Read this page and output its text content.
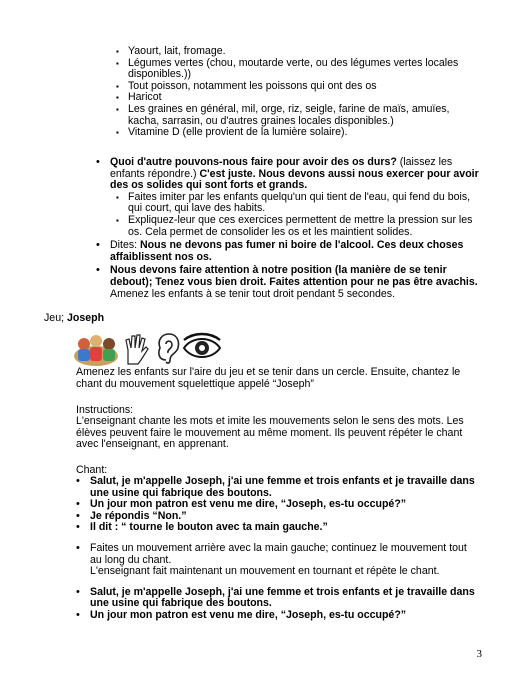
▪ Yaourt, lait, fromage.
▪ Légumes vertes (chou, moutarde verte, ou des légumes vertes locales disponibles.))
▪ Tout poisson, notamment les poissons qui ont des os
▪ Haricot
▪ Les graines en général, mil, orge, riz, seigle, farine de maïs, amuïes, kacha, sarrasin, ou d'autres graines locales disponibles.)
▪ Vitamine D (elle provient de la lumière solaire).
• Quoi d'autre pouvons-nous faire pour avoir des os durs? (laissez les enfants répondre.) C'est juste. Nous devons aussi nous exercer pour avoir des os solides qui sont forts et grands.
▪ Faites imiter par les enfants quelqu'un qui tient de l'eau, qui fend du bois, qui court, qui lave des habits.
▪ Expliquez-leur que ces exercices permettent de mettre la pression sur les os. Cela permet de consolider les os et les maintient solides.
• Dites: Nous ne devons pas fumer ni boire de l'alcool. Ces deux choses affaiblissent nos os.
• Nous devons faire attention à notre position (la manière de se tenir debout); Tenez vous bien droit. Faites attention pour ne pas être avachis.
Amenez les enfants à se tenir tout droit pendant 5 secondes.
Jeu; Joseph
Amenez les enfants sur l'aire du jeu et se tenir dans un cercle. Ensuite, chantez le chant du mouvement squelettique appelé “Joseph”
Instructions:
L'enseignant chante les mots et imite les mouvements selon le sens des mots. Les élèves peuvent faire le mouvement au même moment. Ils peuvent répéter le chant avec l'enseignant, en apprenant.
Chant:
• Salut, je m'appelle Joseph, j'ai une femme et trois enfants et je travaille dans une usine qui fabrique des boutons.
• Un jour mon patron est venu me dire, “Joseph, es-tu occupé?”
• Je répondis “Non.”
• Il dit : “ tourne le bouton avec ta main gauche.”
• Faites un mouvement arrière avec la main gauche; continuez le mouvement tout au long du chant.
L'enseignant fait maintenant un mouvement en tournant et répète le chant.
• Salut, je m'appelle Joseph, j'ai une femme et trois enfants et je travaille dans une usine qui fabrique des boutons.
• Un jour mon patron est venu me dire, “Joseph, es-tu occupé?”
3
